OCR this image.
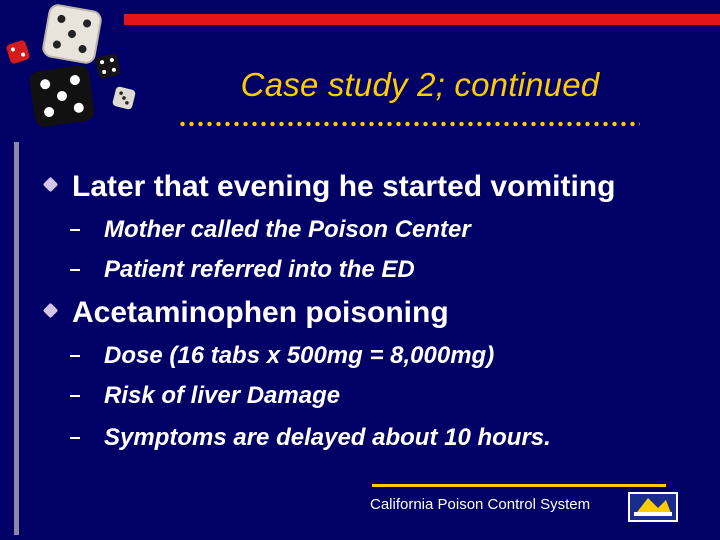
Case study 2; continued
Later that evening he started vomiting
Mother called the Poison Center
Patient referred into the ED
Acetaminophen poisoning
Dose (16 tabs x 500mg = 8,000mg)
Risk of liver Damage
Symptoms are delayed about 10 hours.
California Poison Control System
